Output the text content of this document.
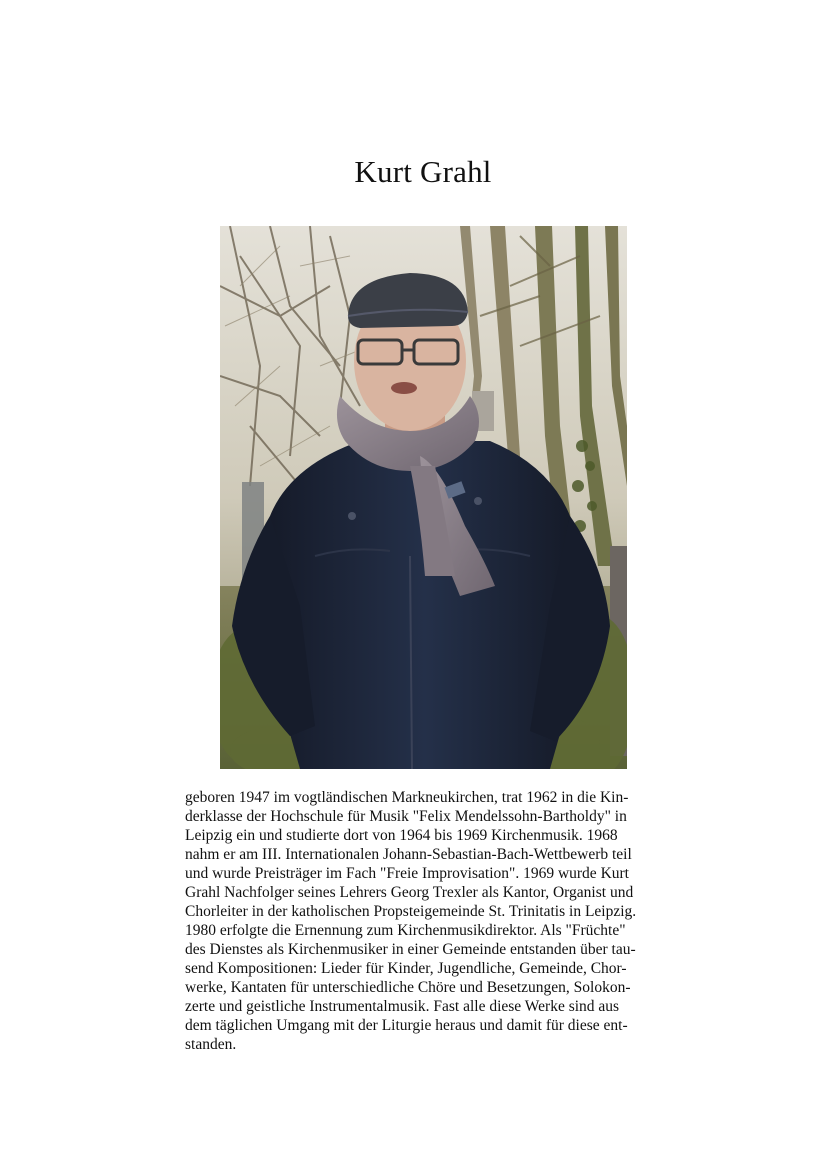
Kurt Grahl

geboren 1947 im vogtländischen Markneukirchen, trat 1962 in die Kin-
derklasse der Hochschule für Musik "Felix Mendelssohn-Bartholdy" in
Leipzig ein und studierte dort von 1964 bis 1969 Kirchenmusik. 1968
nahm er am III. Internationalen Johann-Sebastian-Bach-Wettbewerb teil
und wurde Preisträger im Fach "Freie Improvisation". 1969 wurde Kurt
Grahl Nachfolger seines Lehrers Georg Trexler als Kantor, Organist und
Chorleiter in der katholischen Propsteigemeinde St. Trinitatis in Leipzig.
1980 erfolgte die Ernennung zum Kirchenmusikdirektor. Als "Früchte"
des Dienstes als Kirchenmusiker in einer Gemeinde entstanden über tau-
send Kompositionen: Lieder für Kinder, Jugendliche, Gemeinde, Chor-
werke, Kantaten für unterschiedliche Chöre und Besetzungen, Solokon-
zerte und geistliche Instrumentalmusik. Fast alle diese Werke sind aus
dem täglichen Umgang mit der Liturgie heraus und damit für diese ent-
standen.
